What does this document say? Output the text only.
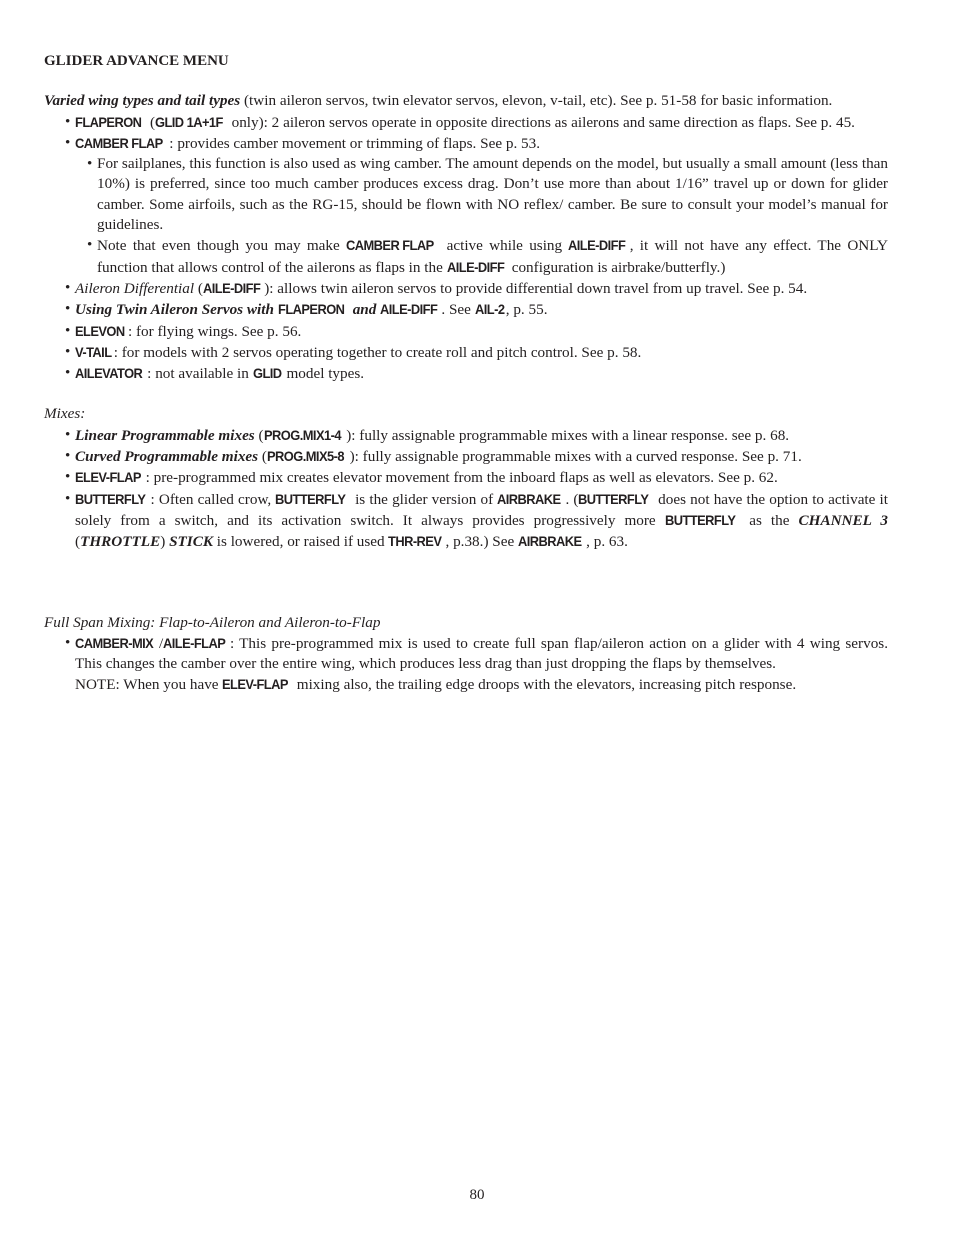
GLIDER ADVANCE MENU

Varied wing types and tail types (twin aileron servos, twin elevator servos, elevon, v-tail, etc). See p. 51-58 for basic information.

• FLAPERON (GLID 1A+1F only): 2 aileron servos operate in opposite directions as ailerons and same direction as flaps. See p. 45.
• CAMBER FLAP : provides camber movement or trimming of flaps. See p. 53.
• For sailplanes, this function is also used as wing camber. The amount depends on the model, but usually a small amount (less than 10%) is preferred, since too much camber produces excess drag. Don’t use more than about 1/16” travel up or down for glider camber. Some airfoils, such as the RG-15, should be flown with NO reflex/ camber. Be sure to consult your model’s manual for guidelines.
• Note that even though you may make CAMBER FLAP active while using AILE-DIFF , it will not have any effect. The ONLY function that allows control of the ailerons as flaps in the AILE-DIFF configuration is airbrake/butterfly.)
• Aileron Differential (AILE-DIFF ): allows twin aileron servos to provide differential down travel from up travel. See p. 54.
• Using Twin Aileron Servos with FLAPERON and AILE-DIFF . See AIL-2 , p. 55.
• ELEVON : for flying wings. See p. 56.
• V-TAIL : for models with 2 servos operating together to create roll and pitch control. See p. 58.
• AILEVATOR : not available in GLID model types.

Mixes:

• Linear Programmable mixes (PROG.MIX1-4 ): fully assignable programmable mixes with a linear response. see p. 68.
• Curved Programmable mixes (PROG.MIX5-8 ): fully assignable programmable mixes with a curved response. See p. 71.
• ELEV-FLAP : pre-programmed mix creates elevator movement from the inboard flaps as well as elevators. See p. 62.
• BUTTERFLY : Often called crow, BUTTERFLY is the glider version of AIRBRAKE . (BUTTERFLY does not have the option to activate it solely from a switch, and its activation switch. It always provides progressively more BUTTERFLY as the CHANNEL 3 (THROTTLE) STICK is lowered, or raised if used THR-REV , p.38.) See AIRBRAKE , p. 63.

Full Span Mixing: Flap-to-Aileron and Aileron-to-Flap

• CAMBER-MIX /AILE-FLAP : This pre-programmed mix is used to create full span flap/aileron action on a glider with 4 wing servos. This changes the camber over the entire wing, which produces less drag than just dropping the flaps by themselves.
NOTE: When you have ELEV-FLAP mixing also, the trailing edge droops with the elevators, increasing pitch response.
80
